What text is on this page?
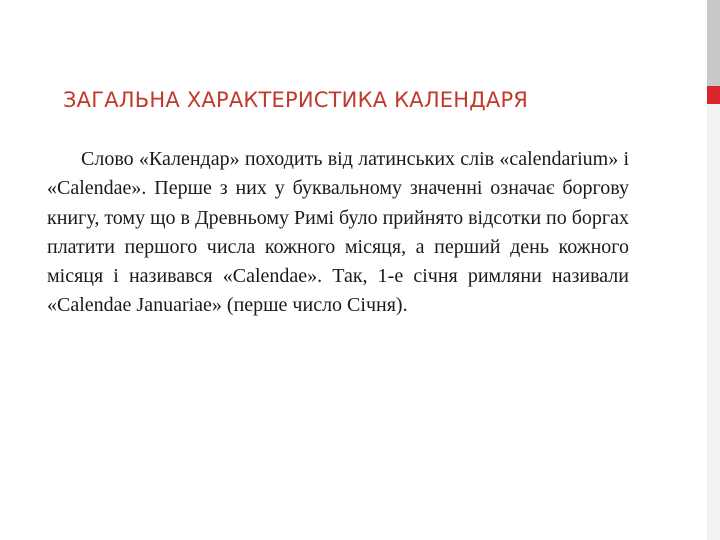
ЗАГАЛЬНА ХАРАКТЕРИСТИКА КАЛЕНДАРЯ

Слово «Календар» походить від латинських слів «calendarium» і «Calendae». Перше з них у буквальному значенні означає боргову книгу, тому що в Древньому Римі було прийнято відсотки по боргах платити першого числа кожного місяця, а перший день кожного місяця і називався «Calendae». Так, 1-е січня римляни називали «Calendae Januariae» (перше число Січня).
